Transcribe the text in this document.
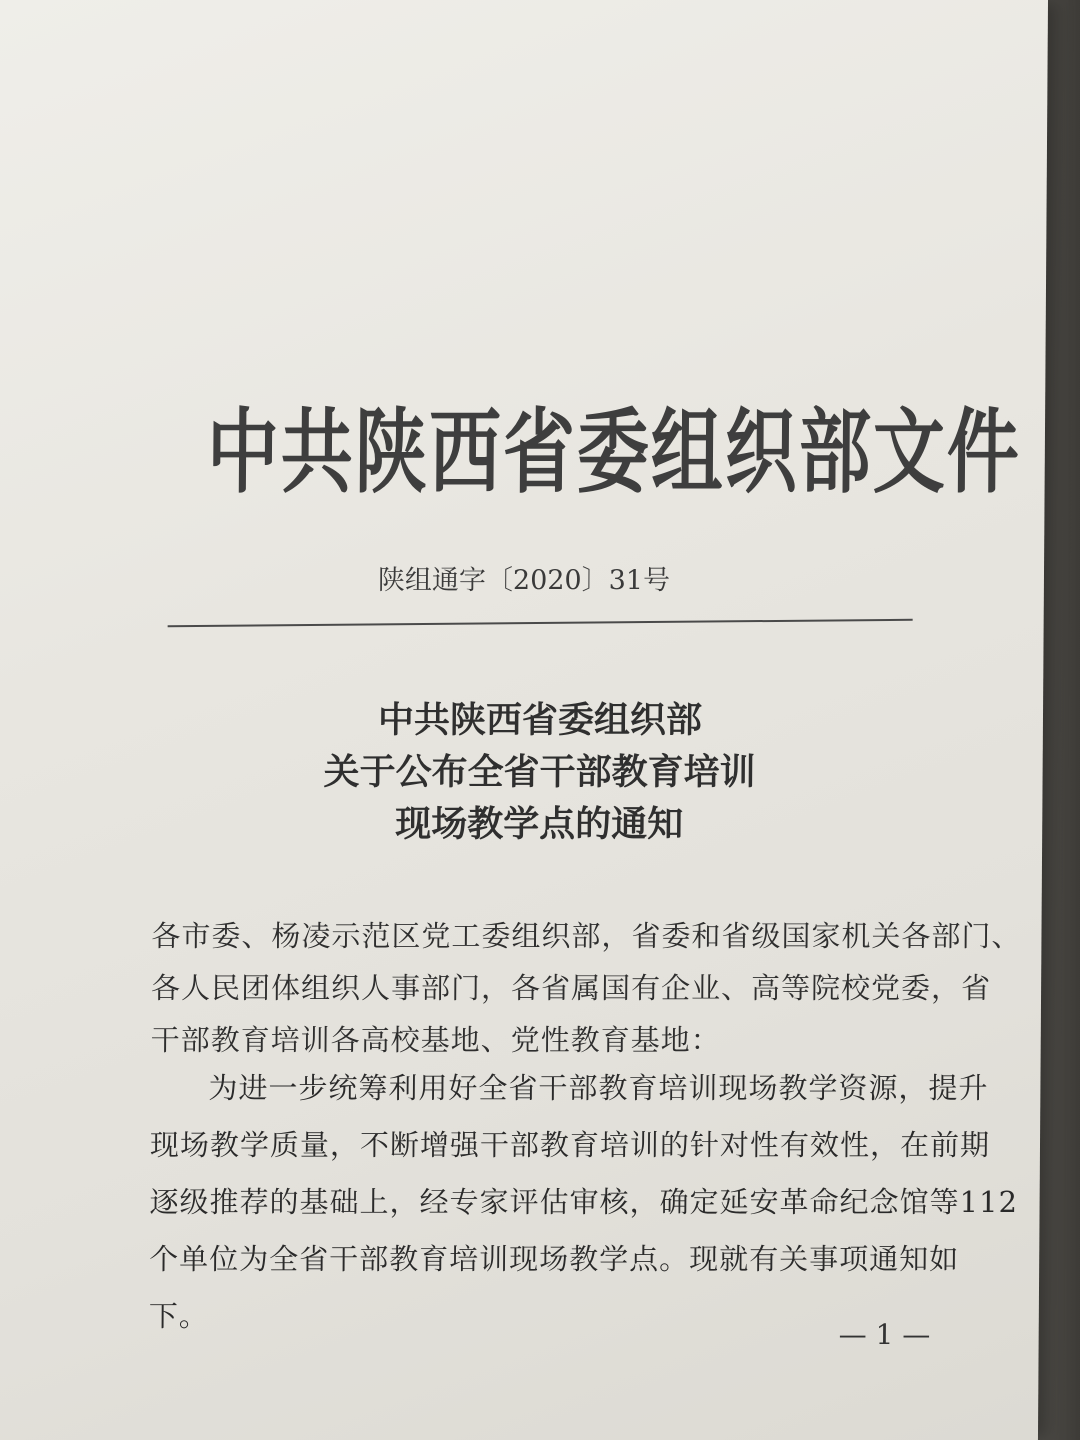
中共陕西省委组织部文件
陕组通字〔2020〕31号
中共陕西省委组织部
关于公布全省干部教育培训
现场教学点的通知
各市委、杨凌示范区党工委组织部，省委和省级国家机关各部门、
各人民团体组织人事部门，各省属国有企业、高等院校党委，省
干部教育培训各高校基地、党性教育基地：
为进一步统筹利用好全省干部教育培训现场教学资源，提升
现场教学质量，不断增强干部教育培训的针对性有效性，在前期
逐级推荐的基础上，经专家评估审核，确定延安革命纪念馆等112
个单位为全省干部教育培训现场教学点。现就有关事项通知如
下。
— 1 —
